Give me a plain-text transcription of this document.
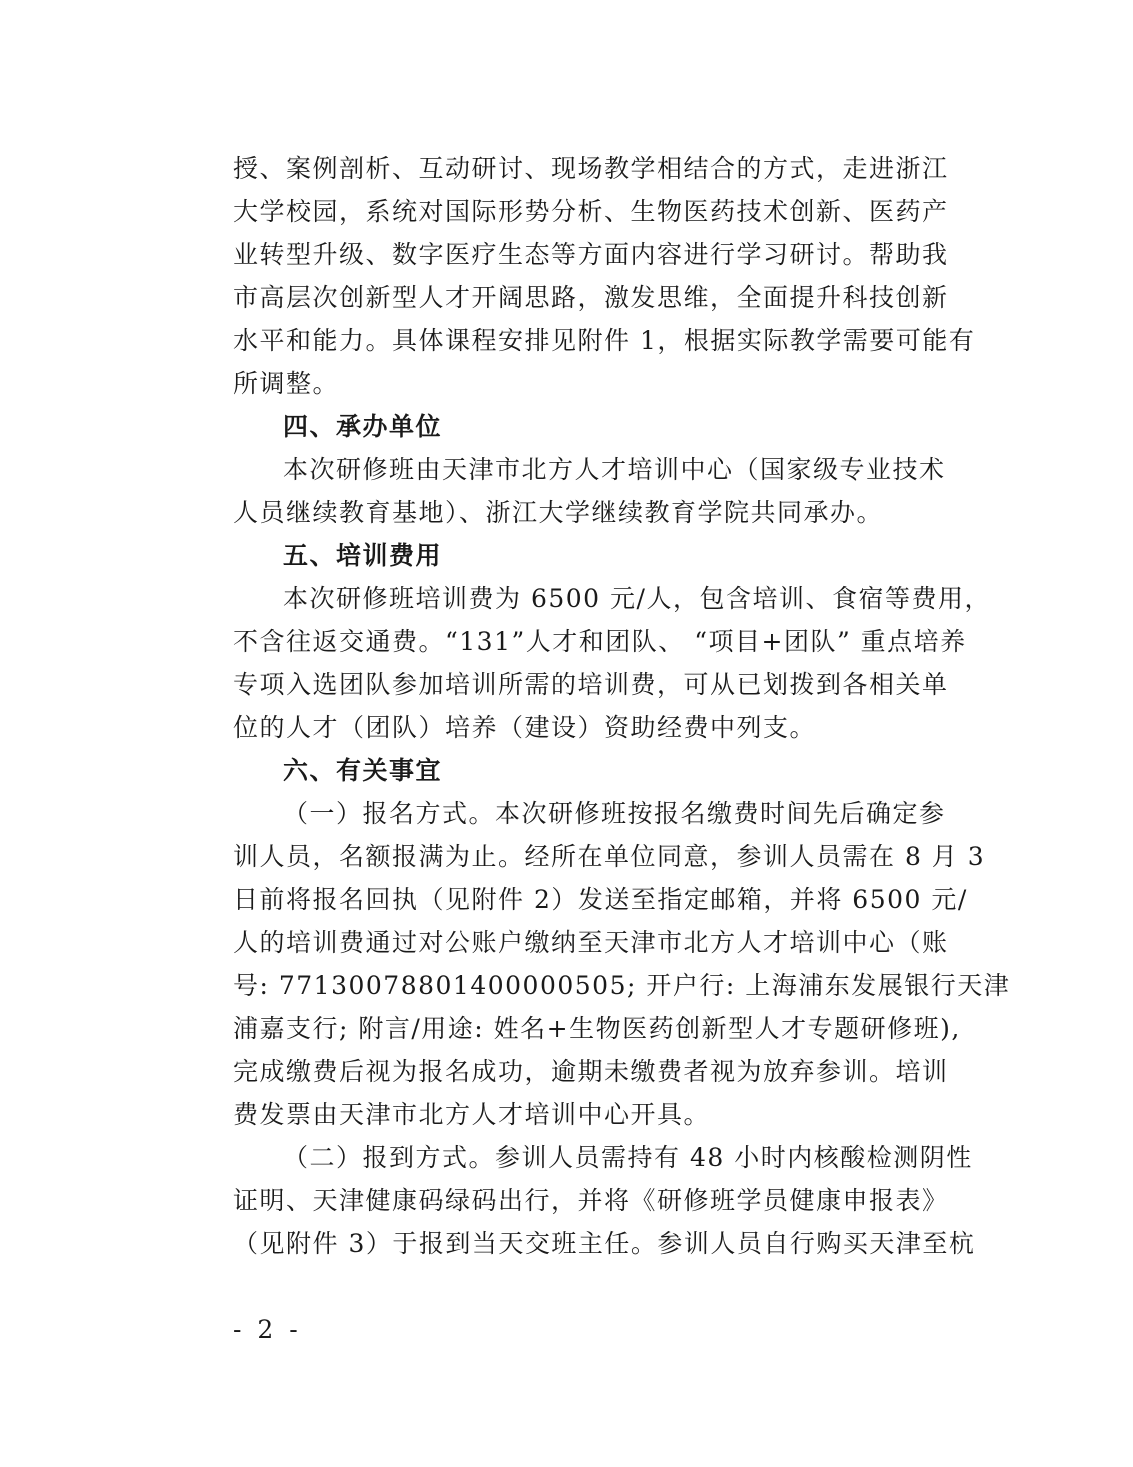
授、案例剖析、互动研讨、现场教学相结合的方式，走进浙江
大学校园，系统对国际形势分析、生物医药技术创新、医药产
业转型升级、数字医疗生态等方面内容进行学习研讨。帮助我
市高层次创新型人才开阔思路，激发思维，全面提升科技创新
水平和能力。具体课程安排见附件 1，根据实际教学需要可能有
所调整。
四、承办单位
本次研修班由天津市北方人才培训中心（国家级专业技术
人员继续教育基地）、浙江大学继续教育学院共同承办。
五、培训费用
本次研修班培训费为 6500 元/人，包含培训、食宿等费用，
不含往返交通费。“131”人才和团队、 “项目+团队” 重点培养
专项入选团队参加培训所需的培训费，可从已划拨到各相关单
位的人才（团队）培养（建设）资助经费中列支。
六、有关事宜
（一）报名方式。本次研修班按报名缴费时间先后确定参
训人员，名额报满为止。经所在单位同意，参训人员需在 8 月 3
日前将报名回执（见附件 2）发送至指定邮箱，并将 6500 元/
人的培训费通过对公账户缴纳至天津市北方人才培训中心（账
号: 77130078801400000505; 开户行: 上海浦东发展银行天津
浦嘉支行; 附言/用途: 姓名+生物医药创新型人才专题研修班),
完成缴费后视为报名成功，逾期未缴费者视为放弃参训。培训
费发票由天津市北方人才培训中心开具。
（二）报到方式。参训人员需持有 48 小时内核酸检测阴性
证明、天津健康码绿码出行，并将《研修班学员健康申报表》
（见附件 3）于报到当天交班主任。参训人员自行购买天津至杭
- 2 -
